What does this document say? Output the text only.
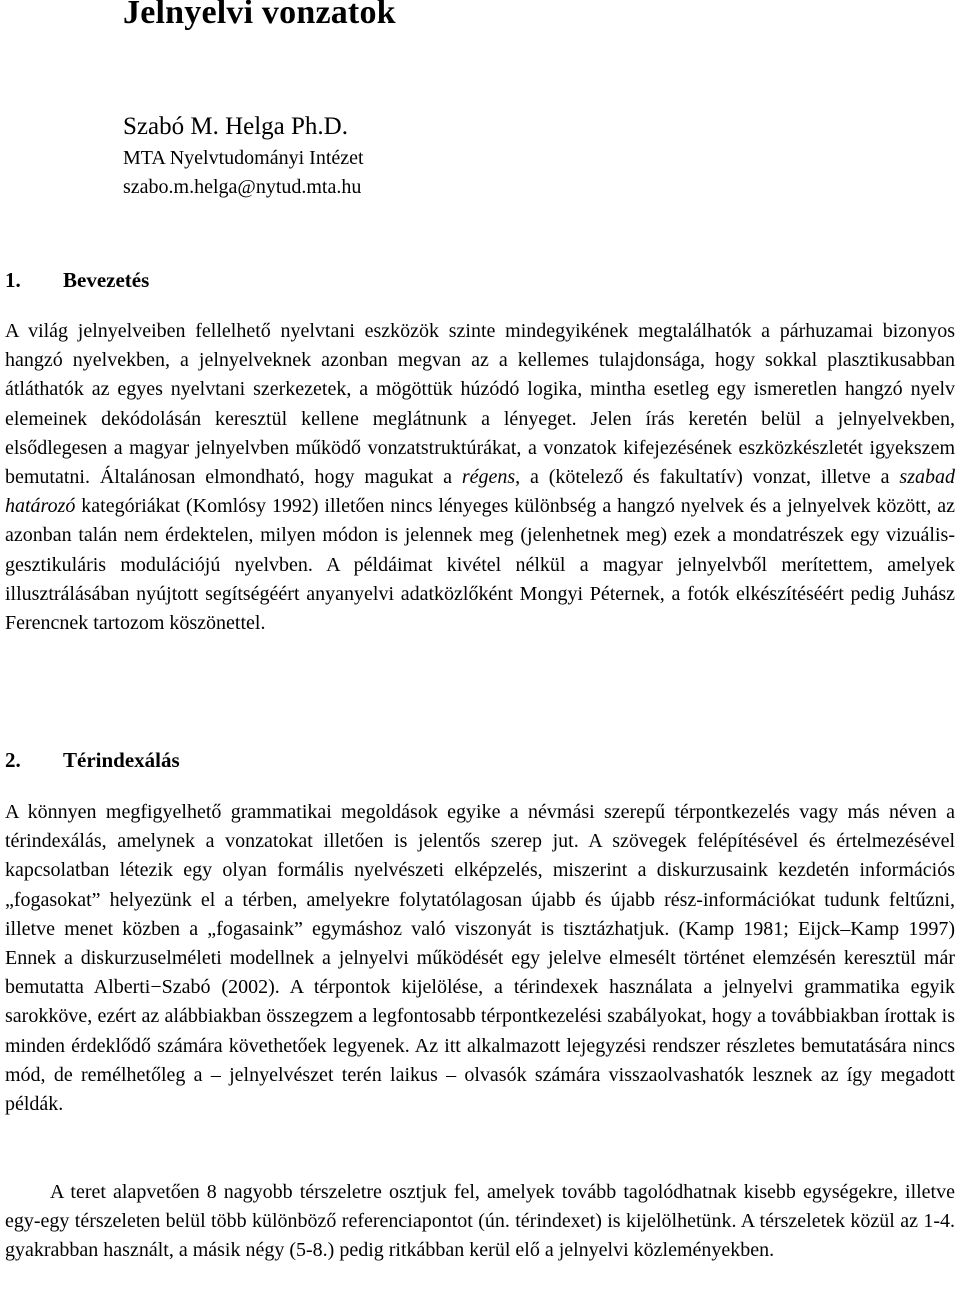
Jelnyelvi vonzatok
Szabó M. Helga Ph.D.
MTA Nyelvtudományi Intézet
szabo.m.helga@nytud.mta.hu
1. Bevezetés

A világ jelnyelveiben fellelhető nyelvtani eszközök szinte mindegyikének megtalálhatók a párhuzamai bizonyos hangzó nyelvekben, a jelnyelveknek azonban megvan az a kellemes tulajdonsága, hogy sokkal plasztikusabban átláthatók az egyes nyelvtani szerkezetek, a mögöttük húzódó logika, mintha esetleg egy ismeretlen hangzó nyelv elemeinek dekódolásán keresztül kellene meglátnunk a lényeget. Jelen írás keretén belül a jelnyelvekben, elsődlegesen a magyar jelnyelvben működő vonzatstruktúrákat, a vonzatok kifejezésének eszközkészletét igyekszem bemutatni. Általánosan elmondható, hogy magukat a régens, a (kötelező és fakultatív) vonzat, illetve a szabad határozó kategóriákat (Komlósy 1992) illetően nincs lényeges különbség a hangzó nyelvek és a jelnyelvek között, az azonban talán nem érdektelen, milyen módon is jelennek meg (jelenhetnek meg) ezek a mondatrészek egy vizuális-gesztikuláris modulációjú nyelvben. A példáimat kivétel nélkül a magyar jelnyelvből merítettem, amelyek illusztrálásában nyújtott segítségéért anyanyelvi adatközlőként Mongyi Péternek, a fotók elkészítéséért pedig Juhász Ferencnek tartozom köszönettel.

2. Térindexálás

A könnyen megfigyelhető grammatikai megoldások egyike a névmási szerepű térpontkezelés vagy más néven a térindexálás, amelynek a vonzatokat illetően is jelentős szerep jut. A szövegek felépítésével és értelmezésével kapcsolatban létezik egy olyan formális nyelvészeti elképzelés, miszerint a diskurzusaink kezdetén információs „fogasokat” helyezünk el a térben, amelyekre folytatólagosan újabb és újabb rész-információkat tudunk feltűzni, illetve menet közben a „fogasaink” egymáshoz való viszonyát is tisztázhatjuk. (Kamp 1981; Eijck–Kamp 1997) Ennek a diskurzuselméleti modellnek a jelnyelvi működését egy jelelve elmesélt történet elemzésén keresztül már bemutatta Alberti−Szabó (2002). A térpontok kijelölése, a térindexek használata a jelnyelvi grammatika egyik sarokköve, ezért az alábbiakban összegzem a legfontosabb térpontkezelési szabályokat, hogy a továbbiakban írottak is minden érdeklődő számára követhetőek legyenek. Az itt alkalmazott lejegyzési rendszer részletes bemutatására nincs mód, de remélhetőleg a – jelnyelvészet terén laikus – olvasók számára visszaolvashatók lesznek az így megadott példák.

A teret alapvetően 8 nagyobb térszeletre osztjuk fel, amelyek tovább tagolódhatnak kisebb egységekre, illetve egy-egy térszeleten belül több különböző referenciapontot (ún. térindexet) is kijelölhetünk. A térszeletek közül az 1-4. gyakrabban használt, a másik négy (5-8.) pedig ritkábban kerül elő a jelnyelvi közleményekben.
